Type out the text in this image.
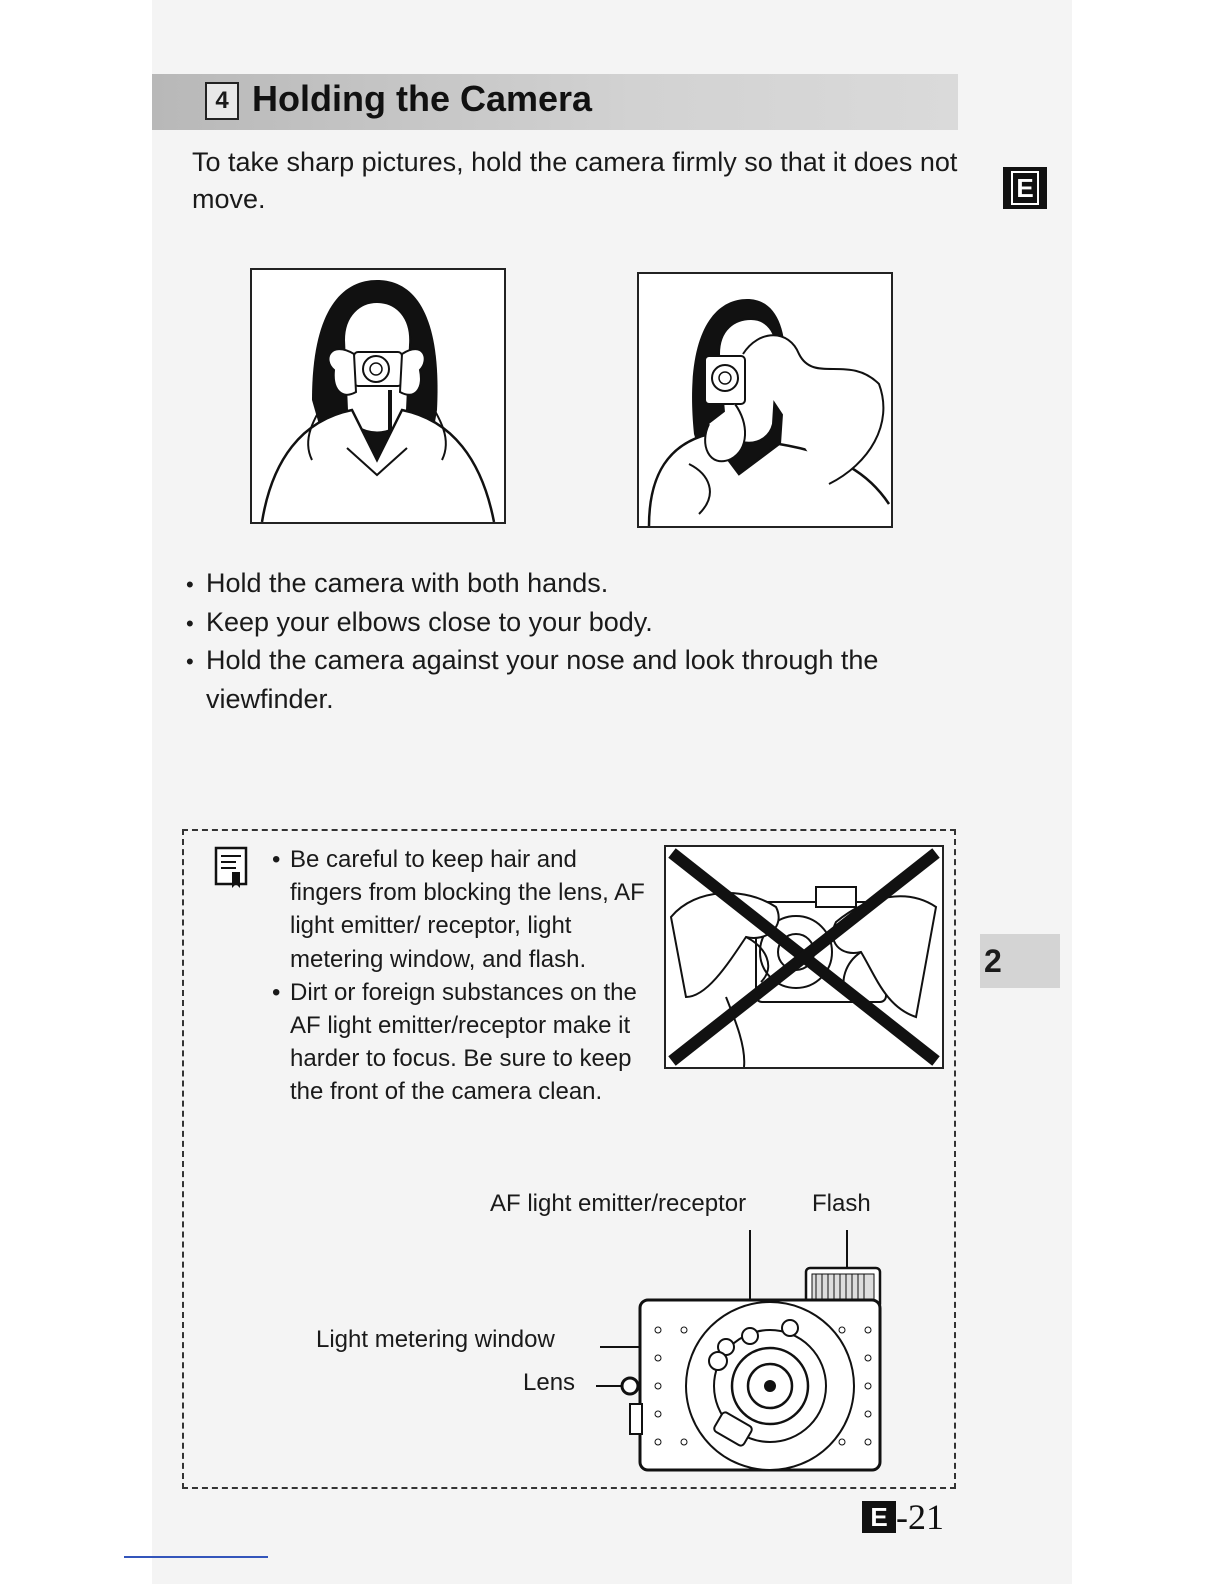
4 Holding the Camera
To take sharp pictures, hold the camera firmly so that it does not move.	E
• Hold the camera with both hands.
• Keep your elbows close to your body.
• Hold the camera against your nose and look through the viewfinder.
• Be careful to keep hair and fingers from blocking the lens, AF light emitter/ receptor, light metering window, and flash.
• Dirt or foreign substances on the AF light emitter/receptor make it harder to focus. Be sure to keep the front of the camera clean.
AF light emitter/receptor	Flash
Light metering window
Lens
2
E -21
